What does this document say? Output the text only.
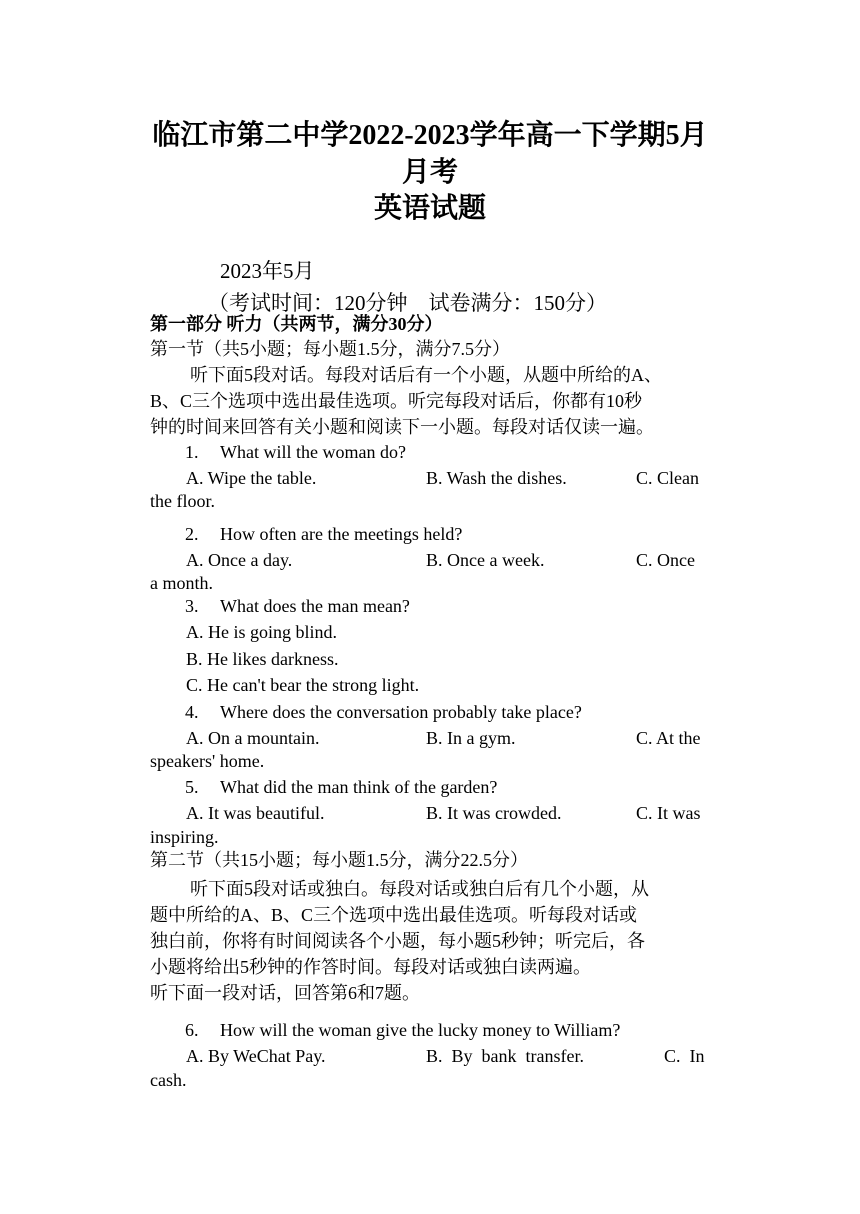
临江市第二中学2022-2023学年高一下学期5月
月考
英语试题
2023年5月
（考试时间：120分钟　试卷满分：150分）
第一部分 听力（共两节，满分30分）
第一节（共5小题；每小题1.5分，满分7.5分）
听下面5段对话。每段对话后有一个小题，从题中所给的A、
B、C三个选项中选出最佳选项。听完每段对话后，你都有10秒
钟的时间来回答有关小题和阅读下一小题。每段对话仅读一遍。
1. What will the woman do?
A. Wipe the table.	B. Wash the dishes.	C. Clean
the floor.
2. How often are the meetings held?
A. Once a day.	B. Once a week.	C. Once
a month.
3. What does the man mean?
A. He is going blind.
B. He likes darkness.
C. He can't bear the strong light.
4. Where does the conversation probably take place?
A. On a mountain.	B. In a gym.	C. At the
speakers' home.
5. What did the man think of the garden?
A. It was beautiful.	B. It was crowded.	C. It was
inspiring.
第二节（共15小题；每小题1.5分，满分22.5分）
听下面5段对话或独白。每段对话或独白后有几个小题，从
题中所给的A、B、C三个选项中选出最佳选项。听每段对话或
独白前，你将有时间阅读各个小题，每小题5秒钟；听完后，各
小题将给出5秒钟的作答时间。每段对话或独白读两遍。
听下面一段对话，回答第6和7题。
6. How will the woman give the lucky money to William?
A. By WeChat Pay.	B.  By  bank  transfer.	C.  In
cash.
